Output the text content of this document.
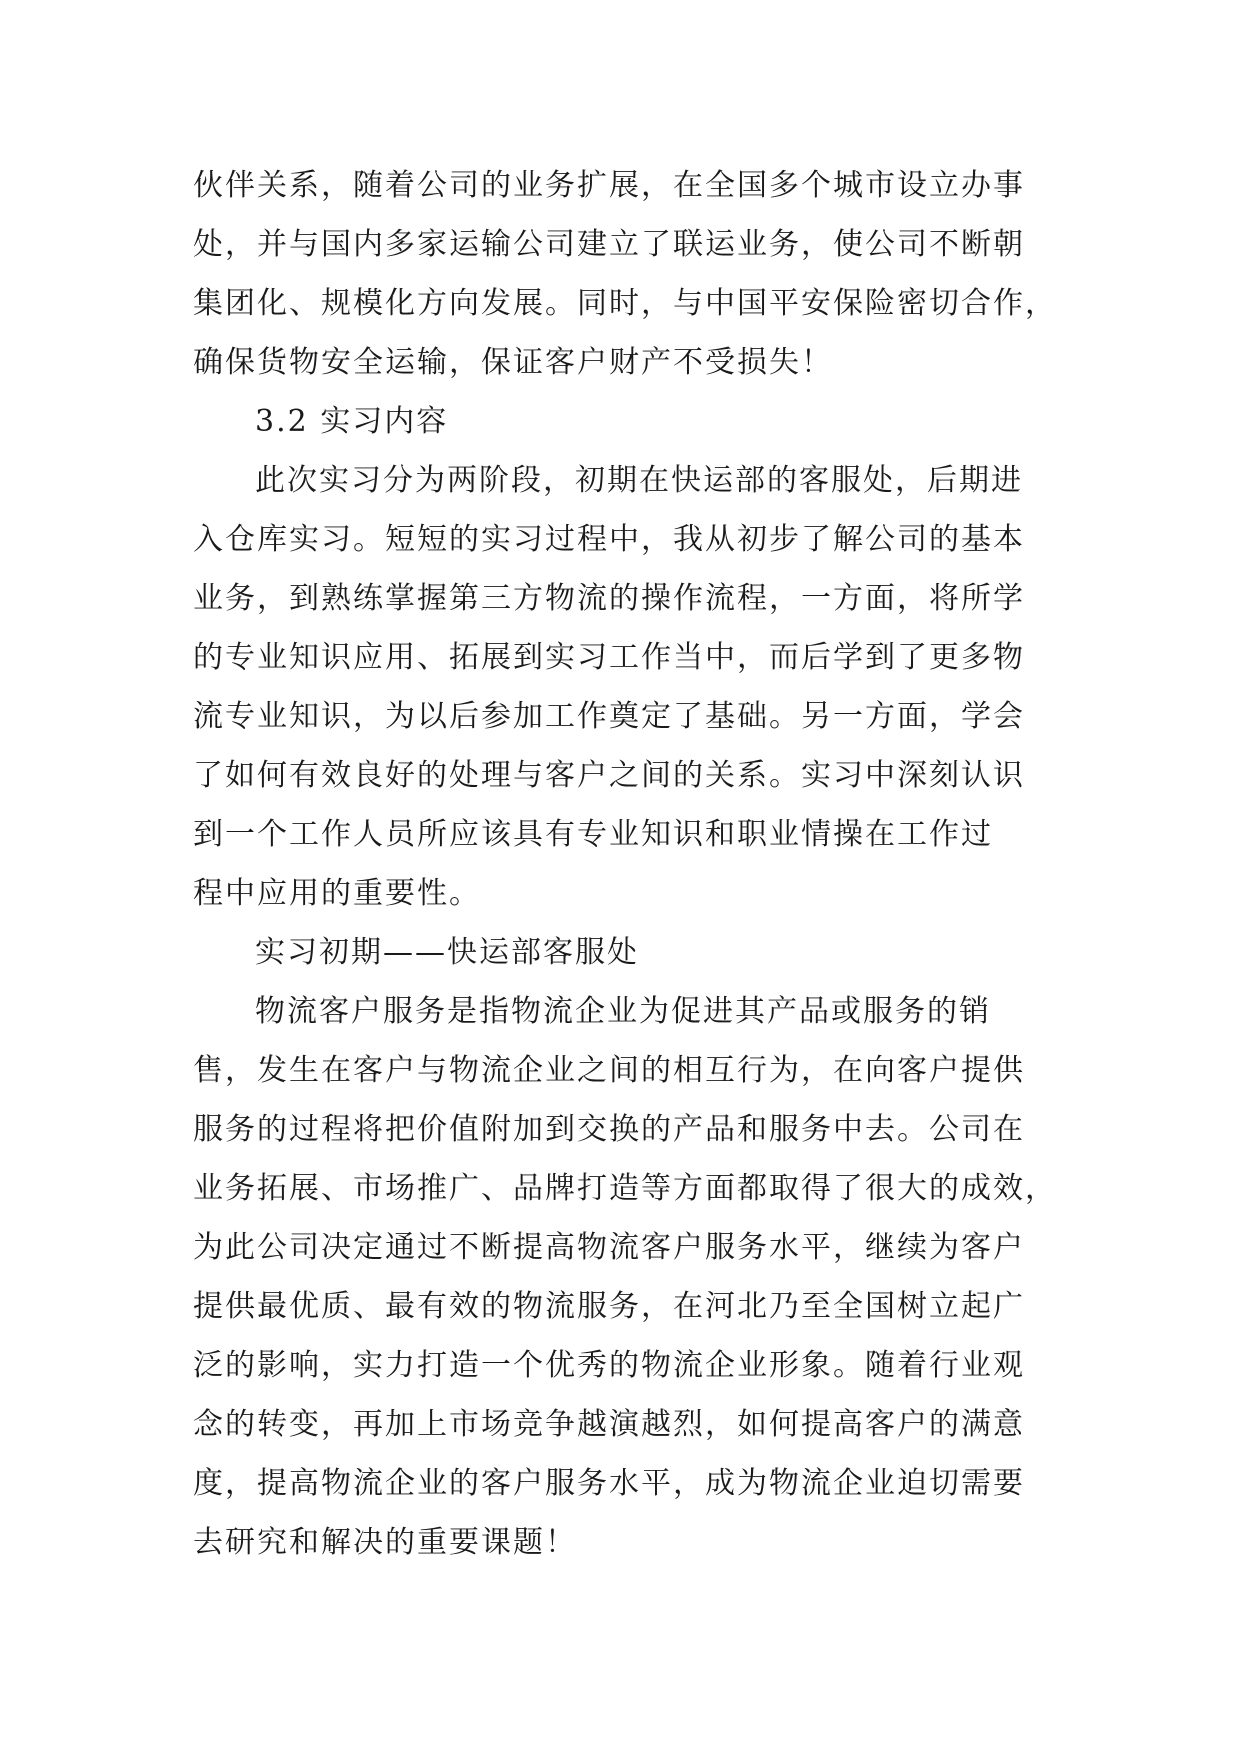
伙伴关系，随着公司的业务扩展，在全国多个城市设立办事
处，并与国内多家运输公司建立了联运业务，使公司不断朝
集团化、规模化方向发展。同时，与中国平安保险密切合作，
确保货物安全运输，保证客户财产不受损失！
3.2 实习内容
此次实习分为两阶段，初期在快运部的客服处，后期进
入仓库实习。短短的实习过程中，我从初步了解公司的基本
业务，到熟练掌握第三方物流的操作流程，一方面，将所学
的专业知识应用、拓展到实习工作当中，而后学到了更多物
流专业知识，为以后参加工作奠定了基础。另一方面，学会
了如何有效良好的处理与客户之间的关系。实习中深刻认识
到一个工作人员所应该具有专业知识和职业情操在工作过
程中应用的重要性。
实习初期——快运部客服处
物流客户服务是指物流企业为促进其产品或服务的销
售，发生在客户与物流企业之间的相互行为，在向客户提供
服务的过程将把价值附加到交换的产品和服务中去。公司在
业务拓展、市场推广、品牌打造等方面都取得了很大的成效，
为此公司决定通过不断提高物流客户服务水平，继续为客户
提供最优质、最有效的物流服务，在河北乃至全国树立起广
泛的影响，实力打造一个优秀的物流企业形象。随着行业观
念的转变，再加上市场竞争越演越烈，如何提高客户的满意
度，提高物流企业的客户服务水平，成为物流企业迫切需要
去研究和解决的重要课题！
